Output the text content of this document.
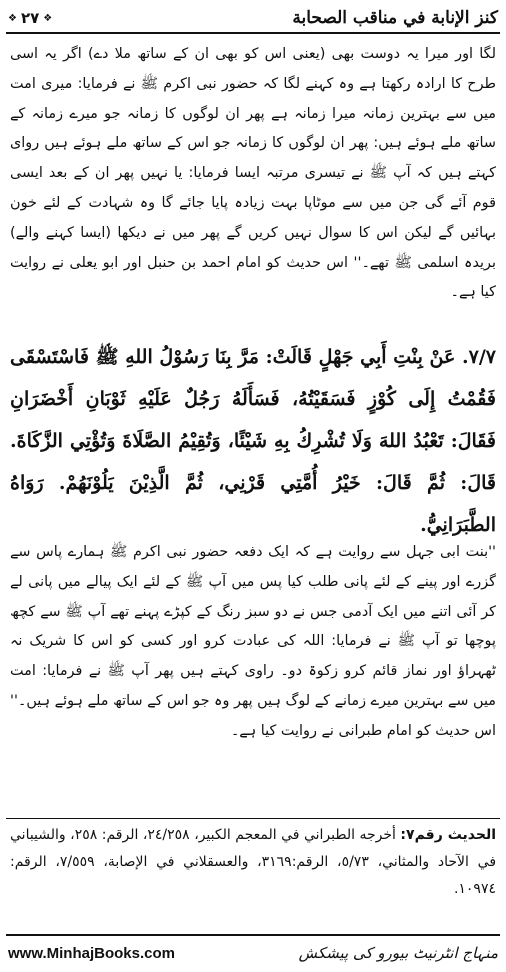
كنز الإنابة في مناقب الصحابة
❖
٢٧
❖
لگا اور میرا یہ دوست بھی (یعنی اس کو بھی ان کے ساتھ ملا دے) اگر یہ اسی طرح کا ارادہ رکھتا ہے وہ کہنے لگا کہ حضور نبی اکرم ﷺ نے فرمایا: میری امت میں سے بہترین زمانہ میرا زمانہ ہے پھر ان لوگوں کا زمانہ جو میرے زمانہ کے ساتھ ملے ہوئے ہیں: پھر ان لوگوں کا زمانہ جو اس کے ساتھ ملے ہوئے ہیں روای کہتے ہیں کہ آپ ﷺ نے تیسری مرتبہ ایسا فرمایا: یا نہیں پھر ان کے بعد ایسی قوم آئے گی جن میں سے موٹاپا بہت زیادہ پایا جائے گا وہ شہادت کے لئے خون بہائیں گے لیکن اس کا سوال نہیں کریں گے پھر میں نے دیکھا (ایسا کہنے والے) بریدہ اسلمی ﷺ تھے۔'' اس حدیث کو امام احمد بن حنبل اور ابو یعلی نے روایت کیا ہے۔
٧/٧. عَنْ بِنْتِ أَبِي جَهْلٍ قَالَتْ: مَرَّ بِنَا رَسُوْلُ اللهِ ﷺ فَاسْتَسْقَى فَقُمْتُ إِلَى كُوْزٍ فَسَقَيْتُهُ، فَسَأَلَهُ رَجُلٌ عَلَيْهِ ثَوْبَانِ أَخْضَرَانِ فَقَالَ: تَعْبُدُ اللهَ وَلَا تُشْرِكُ بِهِ شَيْئًا، وَتُقِيْمُ الصَّلَاةَ وَتُؤْتِي الزَّكَاةَ. قَالَ: ثُمَّ قَالَ: خَيْرُ أُمَّتِي قَرْنِي، ثُمَّ الَّذِيْنَ يَلُوْنَهُمْ. رَوَاهُ الطَّبَرَانِيُّ.
''بنت ابی جہل سے روایت ہے کہ ایک دفعہ حضور نبی اکرم ﷺ ہمارے پاس سے گزرے اور پینے کے لئے پانی طلب کیا پس میں آپ ﷺ کے لئے ایک پیالے میں پانی لے کر آئی اتنے میں ایک آدمی جس نے دو سبز رنگ کے کپڑے پہنے تھے آپ ﷺ سے کچھ پوچھا تو آپ ﷺ نے فرمایا: اللہ کی عبادت کرو اور کسی کو اس کا شریک نہ ٹھہراؤ اور نماز قائم کرو زکوۃ دو۔ راوی کہتے ہیں پھر آپ ﷺ نے فرمایا: امت میں سے بہترین میرے زمانے کے لوگ ہیں پھر وہ جو اس کے ساتھ ملے ہوئے ہیں۔'' اس حدیث کو امام طبرانی نے روایت کیا ہے۔
الحديث رقم٧: أخرجه الطبراني في المعجم الكبير، ٢٤/٢٥٨، الرقم: ٢٥٨، والشيباني في الآحاد والمثاني، ٥/٧٣، الرقم:٣١٦٩، والعسقلاني في الإصابة، ٧/٥٥٩، الرقم: ١٠٩٧٤.
www.MinhajBooks.com	منہاج انٹرنیٹ بیورو کی پیشکش
